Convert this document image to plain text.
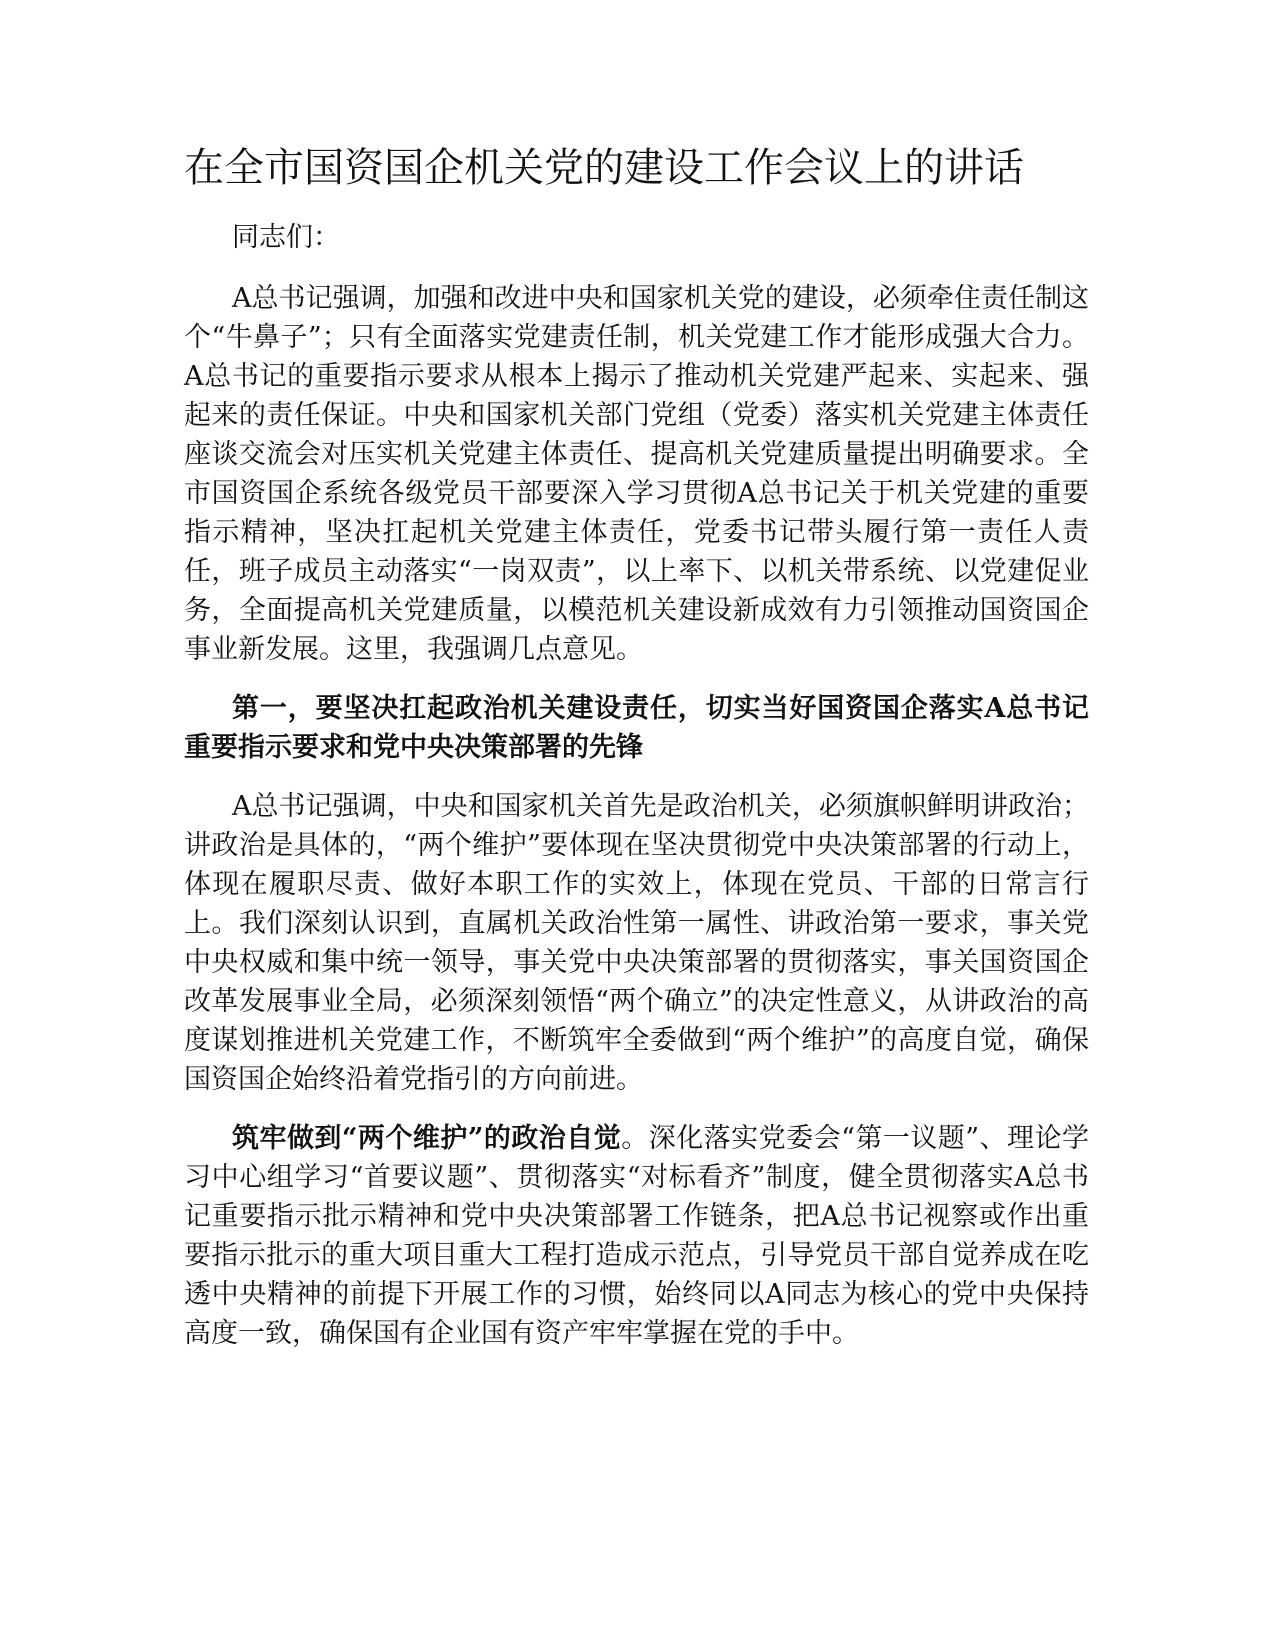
在全市国资国企机关党的建设工作会议上的讲话

同志们：

A总书记强调，加强和改进中央和国家机关党的建设，必须牵住责任制这个“牛鼻子”；只有全面落实党建责任制，机关党建工作才能形成强大合力。A总书记的重要指示要求从根本上揭示了推动机关党建严起来、实起来、强起来的责任保证。中央和国家机关部门党组（党委）落实机关党建主体责任座谈交流会对压实机关党建主体责任、提高机关党建质量提出明确要求。全市国资国企系统各级党员干部要深入学习贯彻A总书记关于机关党建的重要指示精神，坚决扛起机关党建主体责任，党委书记带头履行第一责任人责任，班子成员主动落实“一岗双责”，以上率下、以机关带系统、以党建促业务，全面提高机关党建质量，以模范机关建设新成效有力引领推动国资国企事业新发展。这里，我强调几点意见。

第一，要坚决扛起政治机关建设责任，切实当好国资国企落实A总书记重要指示要求和党中央决策部署的先锋

A总书记强调，中央和国家机关首先是政治机关，必须旗帜鲜明讲政治；讲政治是具体的，“两个维护”要体现在坚决贯彻党中央决策部署的行动上，体现在履职尽责、做好本职工作的实效上，体现在党员、干部的日常言行上。我们深刻认识到，直属机关政治性第一属性、讲政治第一要求，事关党中央权威和集中统一领导，事关党中央决策部署的贯彻落实，事关国资国企改革发展事业全局，必须深刻领悟“两个确立”的决定性意义，从讲政治的高度谋划推进机关党建工作，不断筑牢全委做到“两个维护”的高度自觉，确保国资国企始终沿着党指引的方向前进。

筑牢做到“两个维护”的政治自觉。深化落实党委会“第一议题”、理论学习中心组学习“首要议题”、贯彻落实“对标看齐”制度，健全贯彻落实A总书记重要指示批示精神和党中央决策部署工作链条，把A总书记视察或作出重要指示批示的重大项目重大工程打造成示范点，引导党员干部自觉养成在吃透中央精神的前提下开展工作的习惯，始终同以A同志为核心的党中央保持高度一致，确保国有企业国有资产牢牢掌握在党的手中。
